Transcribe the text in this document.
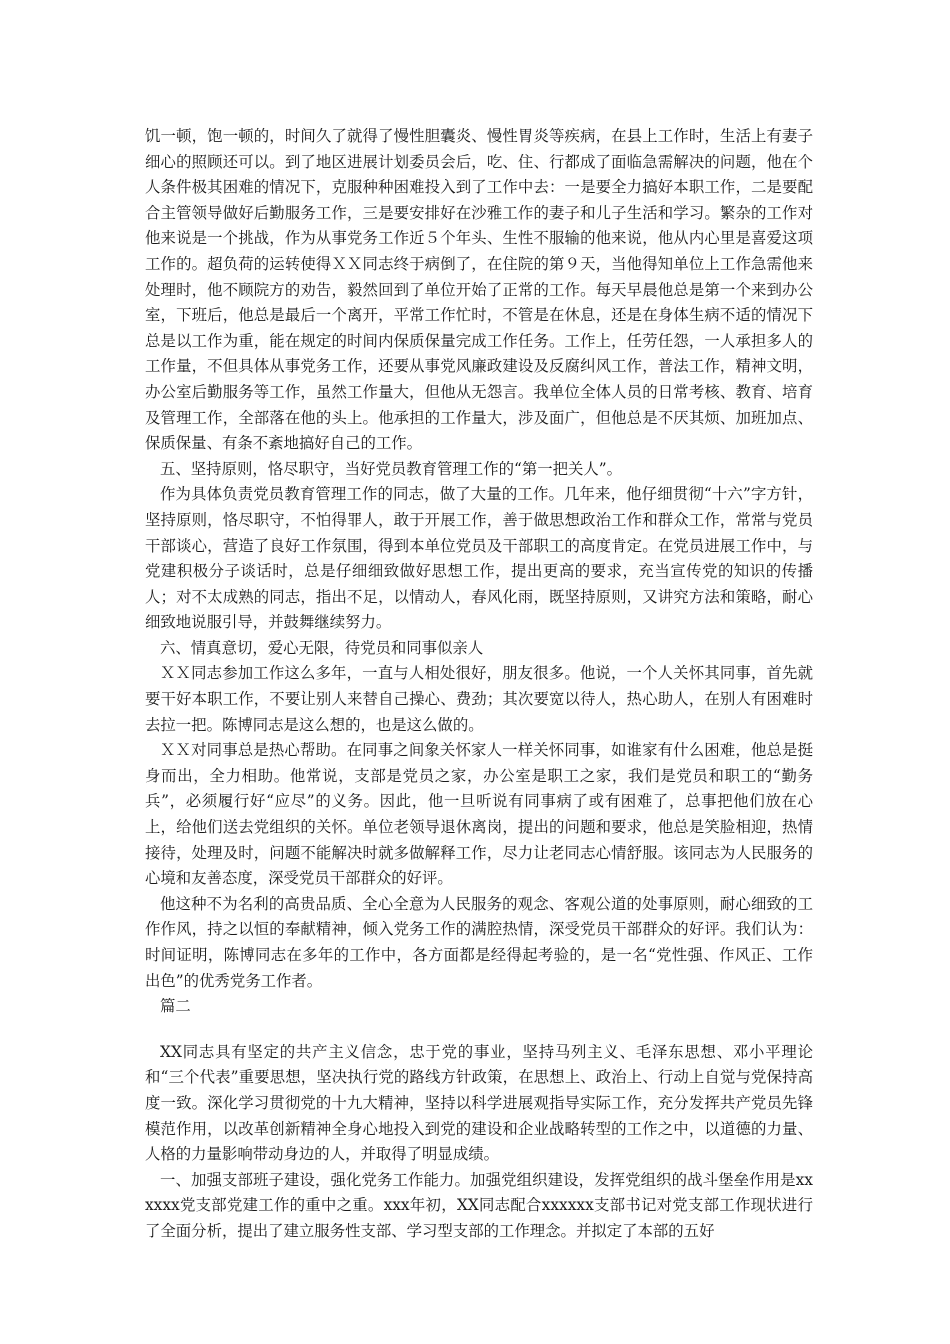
饥一顿，饱一顿的，时间久了就得了慢性胆囊炎、慢性胃炎等疾病，在县上工作时，生活上有妻子细心的照顾还可以。到了地区进展计划委员会后，吃、住、行都成了面临急需解决的问题，他在个人条件极其困难的情况下，克服种种困难投入到了工作中去：一是要全力搞好本职工作，二是要配合主管领导做好后勤服务工作，三是要安排好在沙雅工作的妻子和儿子生活和学习。繁杂的工作对他来说是一个挑战，作为从事党务工作近５个年头、生性不服输的他来说，他从内心里是喜爱这项工作的。超负荷的运转使得ＸＸ同志终于病倒了，在住院的第９天，当他得知单位上工作急需他来处理时，他不顾院方的劝告，毅然回到了单位开始了正常的工作。每天早晨他总是第一个来到办公室，下班后，他总是最后一个离开，平常工作忙时，不管是在休息，还是在身体生病不适的情况下总是以工作为重，能在规定的时间内保质保量完成工作任务。工作上，任劳任怨，一人承担多人的工作量，不但具体从事党务工作，还要从事党风廉政建设及反腐纠风工作，普法工作，精神文明，办公室后勤服务等工作，虽然工作量大，但他从无怨言。我单位全体人员的日常考核、教育、培育及管理工作，全部落在他的头上。他承担的工作量大，涉及面广，但他总是不厌其烦、加班加点、保质保量、有条不紊地搞好自己的工作。

五、坚持原则，恪尽职守，当好党员教育管理工作的“第一把关人”。

作为具体负责党员教育管理工作的同志，做了大量的工作。几年来，他仔细贯彻“十六”字方针，坚持原则，恪尽职守，不怕得罪人，敢于开展工作，善于做思想政治工作和群众工作，常常与党员干部谈心，营造了良好工作氛围，得到本单位党员及干部职工的高度肯定。在党员进展工作中，与党建积极分子谈话时，总是仔细细致做好思想工作，提出更高的要求，充当宣传党的知识的传播人；对不太成熟的同志，指出不足，以情动人，春风化雨，既坚持原则，又讲究方法和策略，耐心细致地说服引导，并鼓舞继续努力。

六、情真意切，爱心无限，待党员和同事似亲人

ＸＸ同志参加工作这么多年，一直与人相处很好，朋友很多。他说，一个人关怀其同事，首先就要干好本职工作，不要让别人来替自己操心、费劲；其次要宽以待人，热心助人，在别人有困难时去拉一把。陈博同志是这么想的，也是这么做的。

ＸＸ对同事总是热心帮助。在同事之间象关怀家人一样关怀同事，如谁家有什么困难，他总是挺身而出，全力相助。他常说，支部是党员之家，办公室是职工之家，我们是党员和职工的“勤务兵”，必须履行好“应尽”的义务。因此，他一旦听说有同事病了或有困难了，总事把他们放在心上，给他们送去党组织的关怀。单位老领导退休离岗，提出的问题和要求，他总是笑脸相迎，热情接待，处理及时，问题不能解决时就多做解释工作，尽力让老同志心情舒服。该同志为人民服务的心境和友善态度，深受党员干部群众的好评。

他这种不为名利的高贵品质、全心全意为人民服务的观念、客观公道的处事原则，耐心细致的工作作风，持之以恒的奉献精神，倾入党务工作的满腔热情，深受党员干部群众的好评。我们认为：时间证明，陈博同志在多年的工作中，各方面都是经得起考验的，是一名“党性强、作风正、工作出色”的优秀党务工作者。

篇二

XX同志具有坚定的共产主义信念，忠于党的事业，坚持马列主义、毛泽东思想、邓小平理论和“三个代表”重要思想，坚决执行党的路线方针政策，在思想上、政治上、行动上自觉与党保持高度一致。深化学习贯彻党的十九大精神，坚持以科学进展观指导实际工作，充分发挥共产党员先锋模范作用，以改革创新精神全身心地投入到党的建设和企业战略转型的工作之中，以道德的力量、人格的力量影响带动身边的人，并取得了明显成绩。

一、加强支部班子建设，强化党务工作能力。加强党组织建设，发挥党组织的战斗堡垒作用是xxxxxx党支部党建工作的重中之重。xxx年初，XX同志配合xxxxxx支部书记对党支部工作现状进行了全面分析，提出了建立服务性支部、学习型支部的工作理念。并拟定了本部的五好
